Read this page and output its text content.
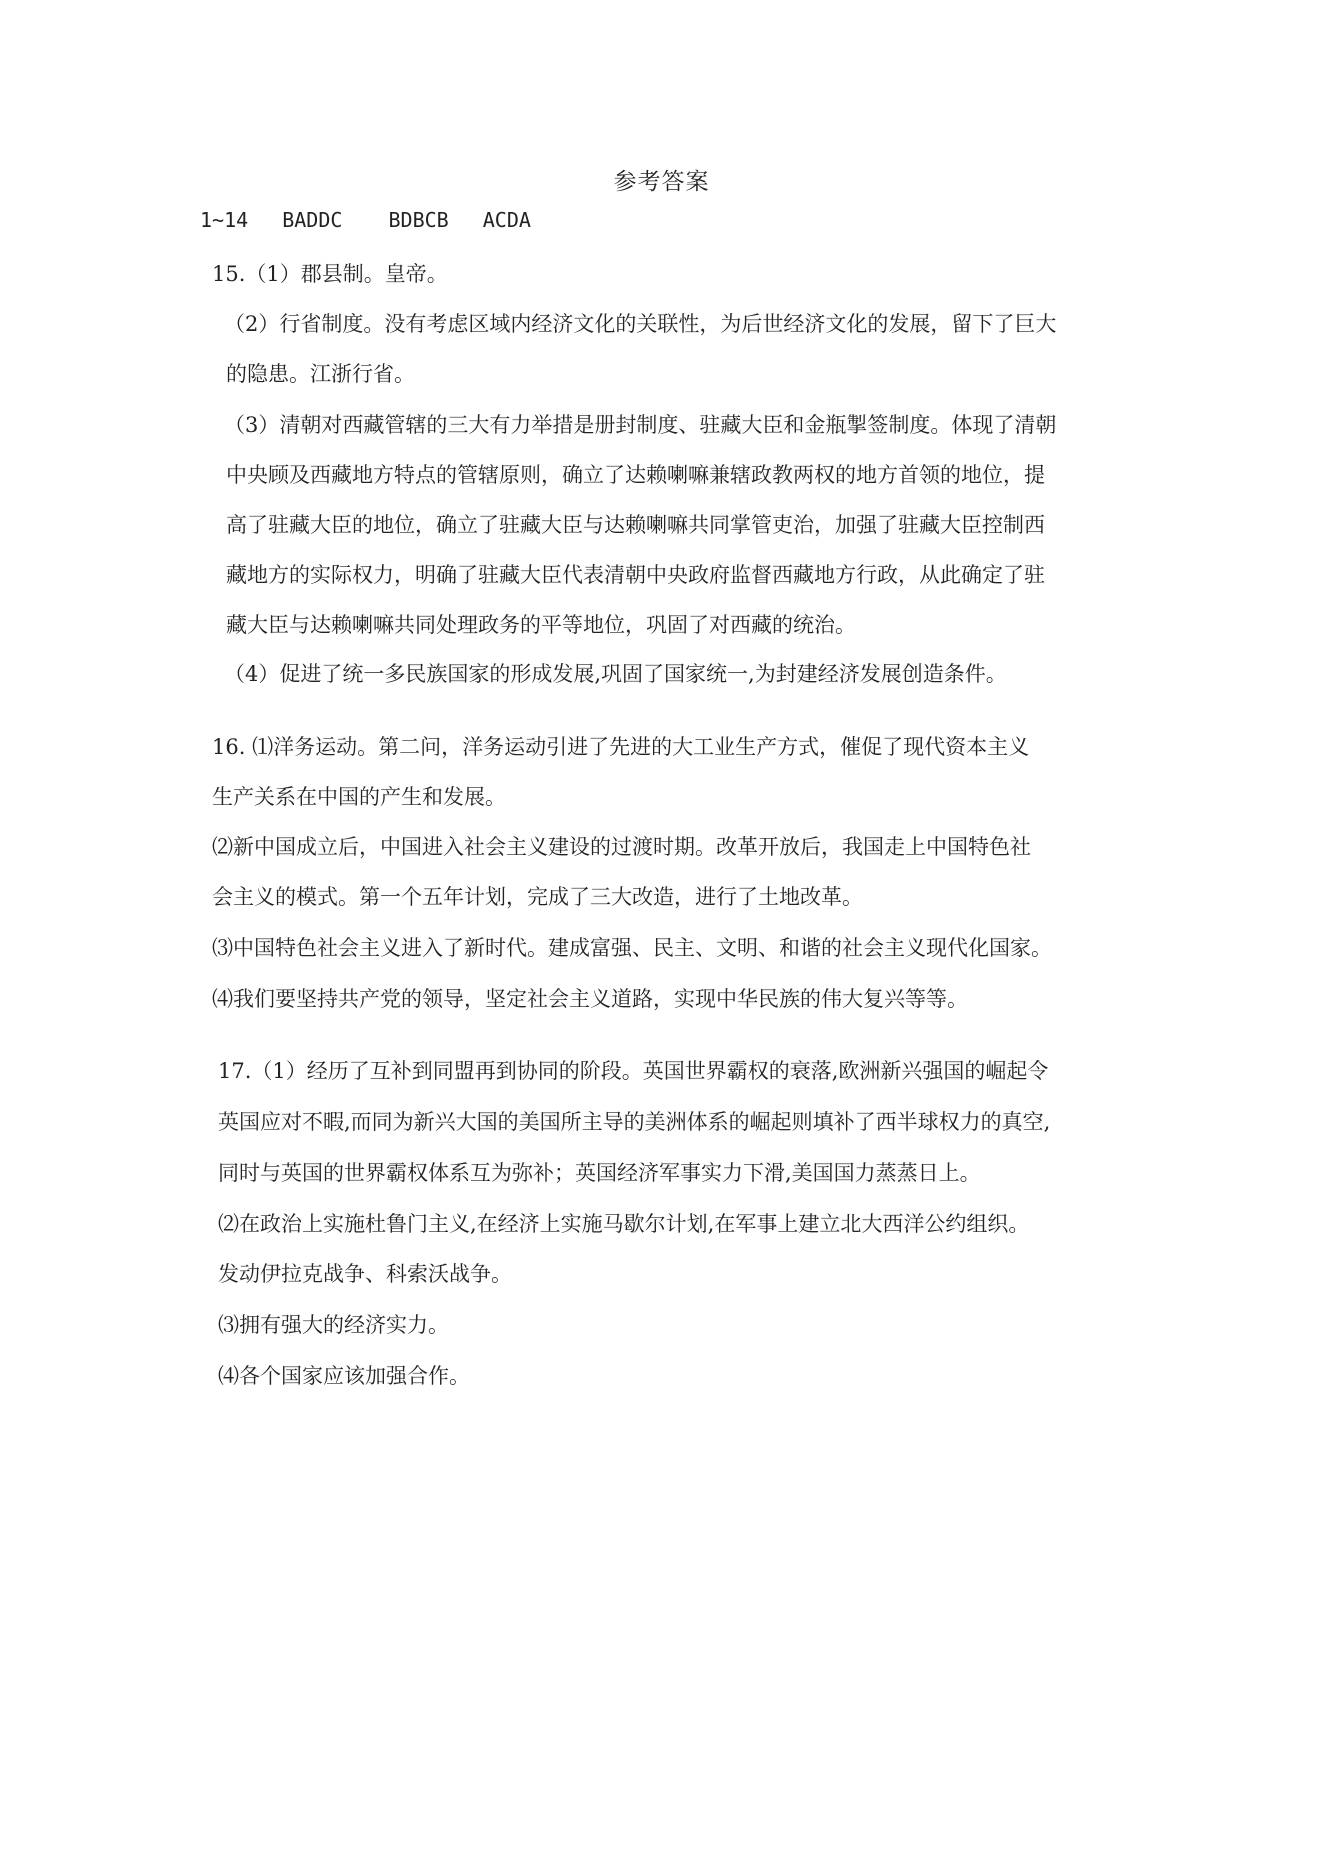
参考答案
1~14 BADDC BDBCB ACDA
15.（1）郡县制。皇帝。
（2）行省制度。没有考虑区域内经济文化的关联性，为后世经济文化的发展，留下了巨大
的隐患。江浙行省。
（3）清朝对西藏管辖的三大有力举措是册封制度、驻藏大臣和金瓶掣签制度。体现了清朝
中央顾及西藏地方特点的管辖原则，确立了达赖喇嘛兼辖政教两权的地方首领的地位，提
高了驻藏大臣的地位，确立了驻藏大臣与达赖喇嘛共同掌管吏治，加强了驻藏大臣控制西
藏地方的实际权力，明确了驻藏大臣代表清朝中央政府监督西藏地方行政，从此确定了驻
藏大臣与达赖喇嘛共同处理政务的平等地位，巩固了对西藏的统治。
（4）促进了统一多民族国家的形成发展,巩固了国家统一,为封建经济发展创造条件。
16. ⑴洋务运动。第二问，洋务运动引进了先进的大工业生产方式，催促了现代资本主义
生产关系在中国的产生和发展。
⑵新中国成立后，中国进入社会主义建设的过渡时期。改革开放后，我国走上中国特色社
会主义的模式。第一个五年计划，完成了三大改造，进行了土地改革。
⑶中国特色社会主义进入了新时代。建成富强、民主、文明、和谐的社会主义现代化国家。
⑷我们要坚持共产党的领导，坚定社会主义道路，实现中华民族的伟大复兴等等。
17.（1）经历了互补到同盟再到协同的阶段。英国世界霸权的衰落,欧洲新兴强国的崛起令
英国应对不暇,而同为新兴大国的美国所主导的美洲体系的崛起则填补了西半球权力的真空,
同时与英国的世界霸权体系互为弥补；英国经济军事实力下滑,美国国力蒸蒸日上。
⑵在政治上实施杜鲁门主义,在经济上实施马歇尔计划,在军事上建立北大西洋公约组织。
发动伊拉克战争、科索沃战争。
⑶拥有强大的经济实力。
⑷各个国家应该加强合作。
